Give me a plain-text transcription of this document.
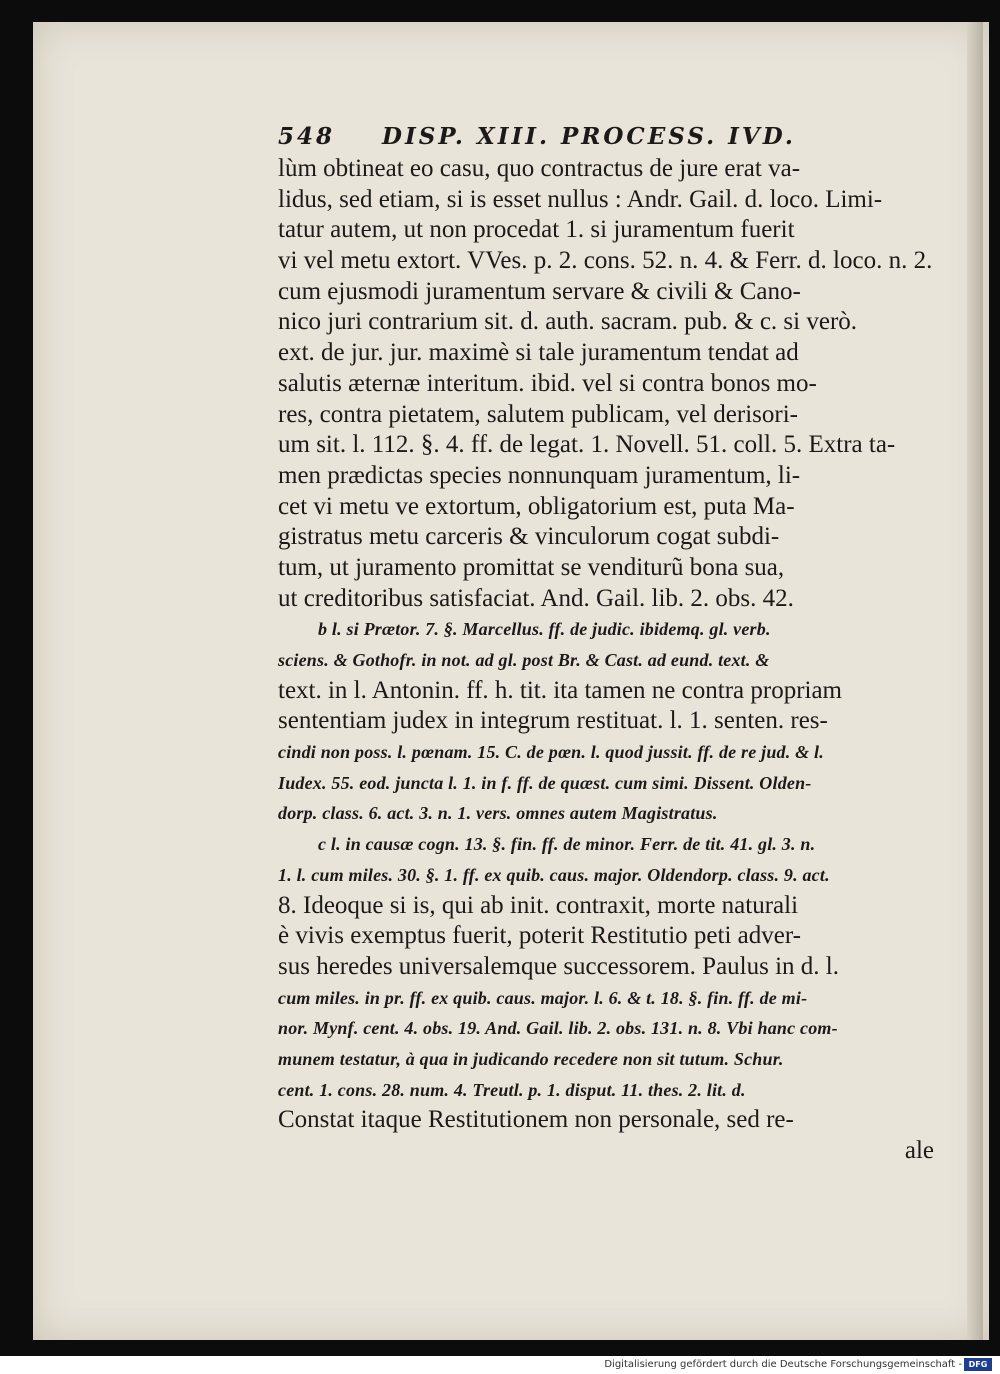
548 DISP. XIII. PROCESS. IVD.
lùm obtineat eo casu, quo contractus de jure erat va-
lidus, sed etiam, si is esset nullus : Andr. Gail. d. loco. Limi-
tatur autem, ut non procedat 1. si juramentum fuerit
vi vel metu extort. VVes. p. 2. cons. 52. n. 4. & Ferr. d. loco. n. 2.
cum ejusmodi juramentum servare & civili & Cano-
nico juri contrarium sit. d. auth. sacram. pub. & c. si verò.
ext. de jur. jur. maximè si tale juramentum tendat ad
salutis æternæ interitum. ibid. vel si contra bonos mo-
res, contra pietatem, salutem publicam, vel derisori-
um sit. l. 112. §. 4. ff. de legat. 1. Novell. 51. coll. 5. Extra ta-
men prædictas species nonnunquam juramentum, li-
cet vi metu ve extortum, obligatorium est, puta Ma-
gistratus metu carceris & vinculorum cogat subdi-
tum, ut juramento promittat se venditurũ bona sua,
ut creditoribus satisfaciat. And. Gail. lib. 2. obs. 42.
b l. si Prætor. 7. §. Marcellus. ff. de judic. ibidemq. gl. verb.
sciens. & Gothofr. in not. ad gl. post Br. & Cast. ad eund. text. &
text. in l. Antonin. ff. h. tit. ita tamen ne contra propriam
sententiam judex in integrum restituat. l. 1. senten. res-
cindi non poss. l. pœnam. 15. C. de pœn. l. quod jussit. ff. de re jud. & l.
Iudex. 55. eod. juncta l. 1. in f. ff. de quæst. cum simi. Dissent. Olden-
dorp. class. 6. act. 3. n. 1. vers. omnes autem Magistratus.
c l. in causæ cogn. 13. §. fin. ff. de minor. Ferr. de tit. 41. gl. 3. n.
1. l. cum miles. 30. §. 1. ff. ex quib. caus. major. Oldendorp. class. 9. act.
8. Ideoque si is, qui ab init. contraxit, morte naturali
è vivis exemptus fuerit, poterit Restitutio peti adver-
sus heredes universalemque successorem. Paulus in d. l.
cum miles. in pr. ff. ex quib. caus. major. l. 6. & t. 18. §. fin. ff. de mi-
nor. Mynf. cent. 4. obs. 19. And. Gail. lib. 2. obs. 131. n. 8. Vbi hanc com-
munem testatur, à qua in judicando recedere non sit tutum. Schur.
cent. 1. cons. 28. num. 4. Treutl. p. 1. disput. 11. thes. 2. lit. d.
Constat itaque Restitutionem non personale, sed re-
ale
Digitalisierung gefördert durch die Deutsche Forschungsgemeinschaft - DFG
